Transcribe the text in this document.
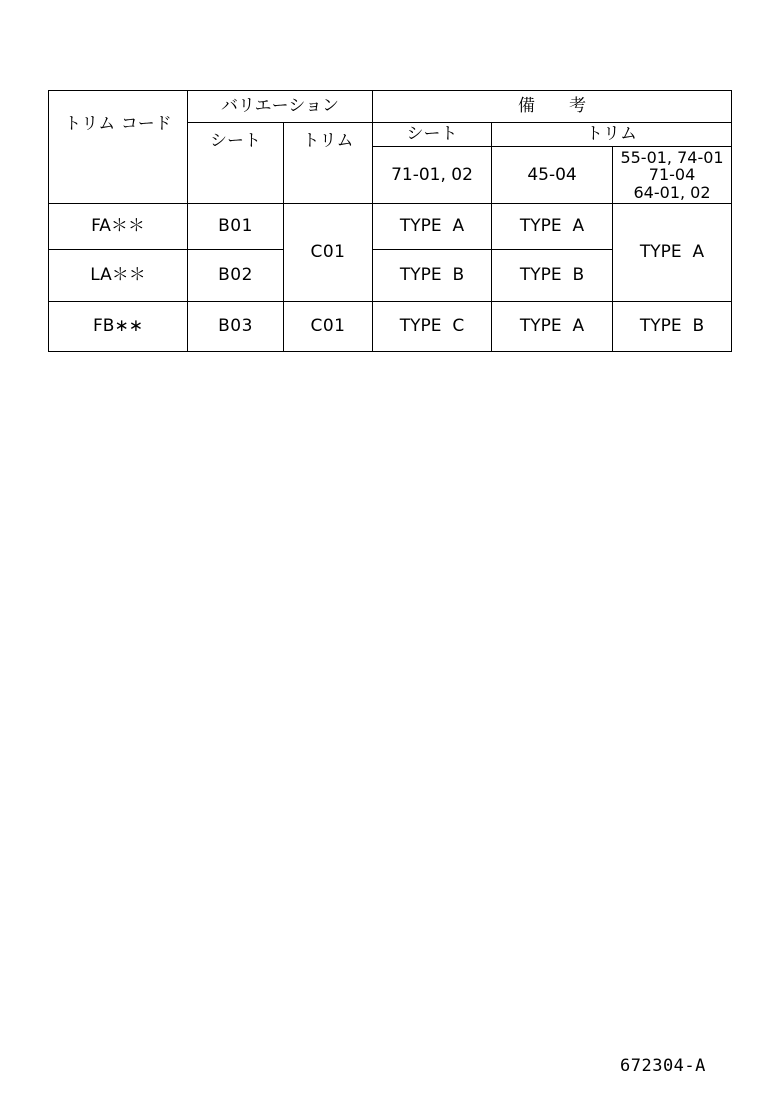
トリム コード	バリエーション		備　　考		
	シート	トリム	シート	トリム	
			71-01, 02	45-04	55-01, 74-01
71-04
64-01, 02

FA＊＊	B01	C01	TYPE  A	TYPE  A	TYPE  A
LA＊＊	B02		TYPE  B	TYPE  B	
FB∗∗	B03	C01	TYPE  C	TYPE  A	TYPE  B
672304-A
